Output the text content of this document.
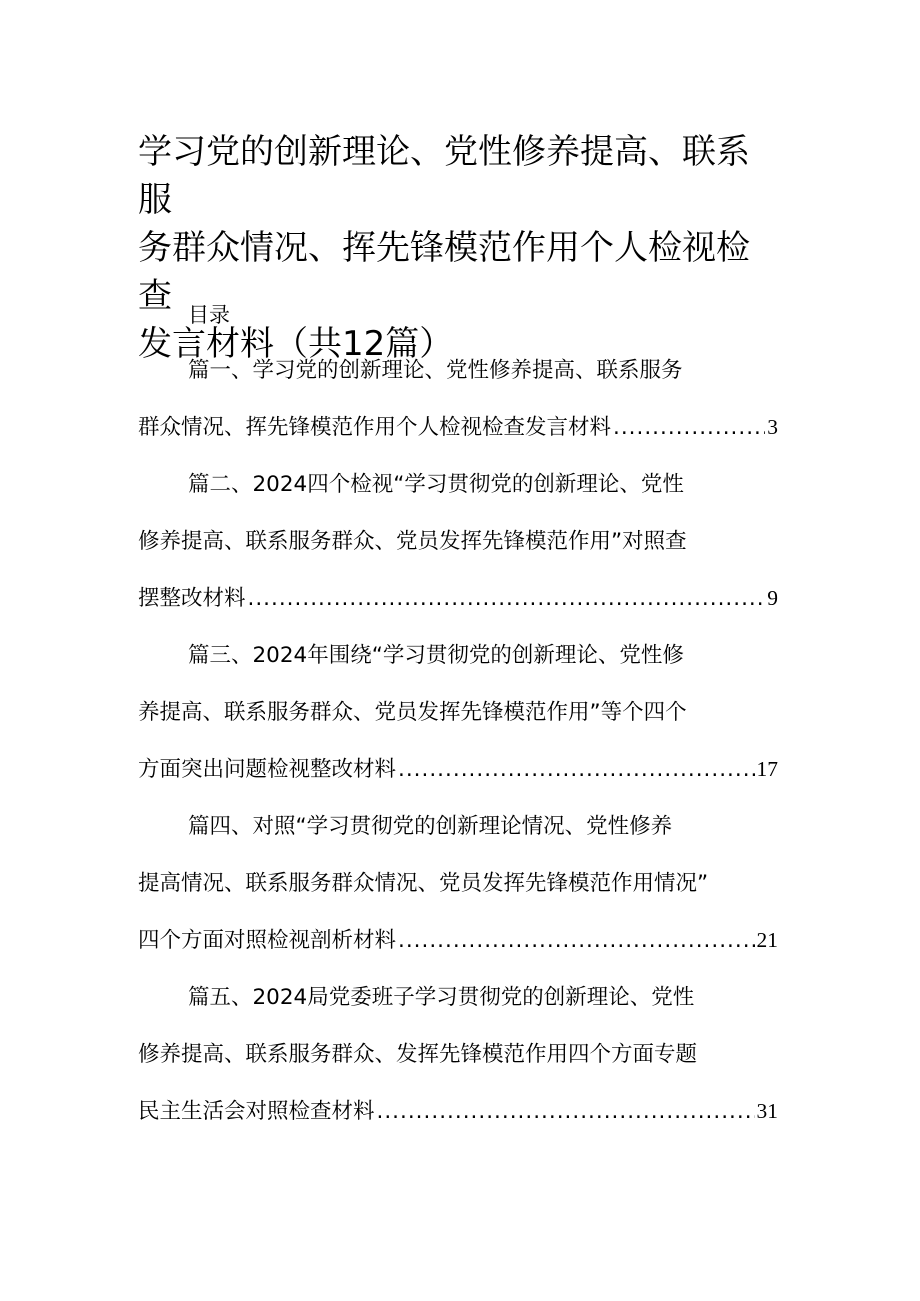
学习党的创新理论、党性修养提高、联系服
务群众情况、挥先锋模范作用个人检视检查
发言材料（共12篇）
目录
篇一、学习党的创新理论、党性修养提高、联系服务
群众情况、挥先锋模范作用个人检视检查发言材料 .....	3
篇二、2024四个检视“学习贯彻党的创新理论、党性
修养提高、联系服务群众、党员发挥先锋模范作用”对照查
摆整改材料 .....	9
篇三、2024年围绕“学习贯彻党的创新理论、党性修
养提高、联系服务群众、党员发挥先锋模范作用”等个四个
方面突出问题检视整改材料 .....	17
篇四、对照“学习贯彻党的创新理论情况、党性修养
提高情况、联系服务群众情况、党员发挥先锋模范作用情况”
四个方面对照检视剖析材料 .....	21
篇五、2024局党委班子学习贯彻党的创新理论、党性
修养提高、联系服务群众、发挥先锋模范作用四个方面专题
民主生活会对照检查材料 .....	31
